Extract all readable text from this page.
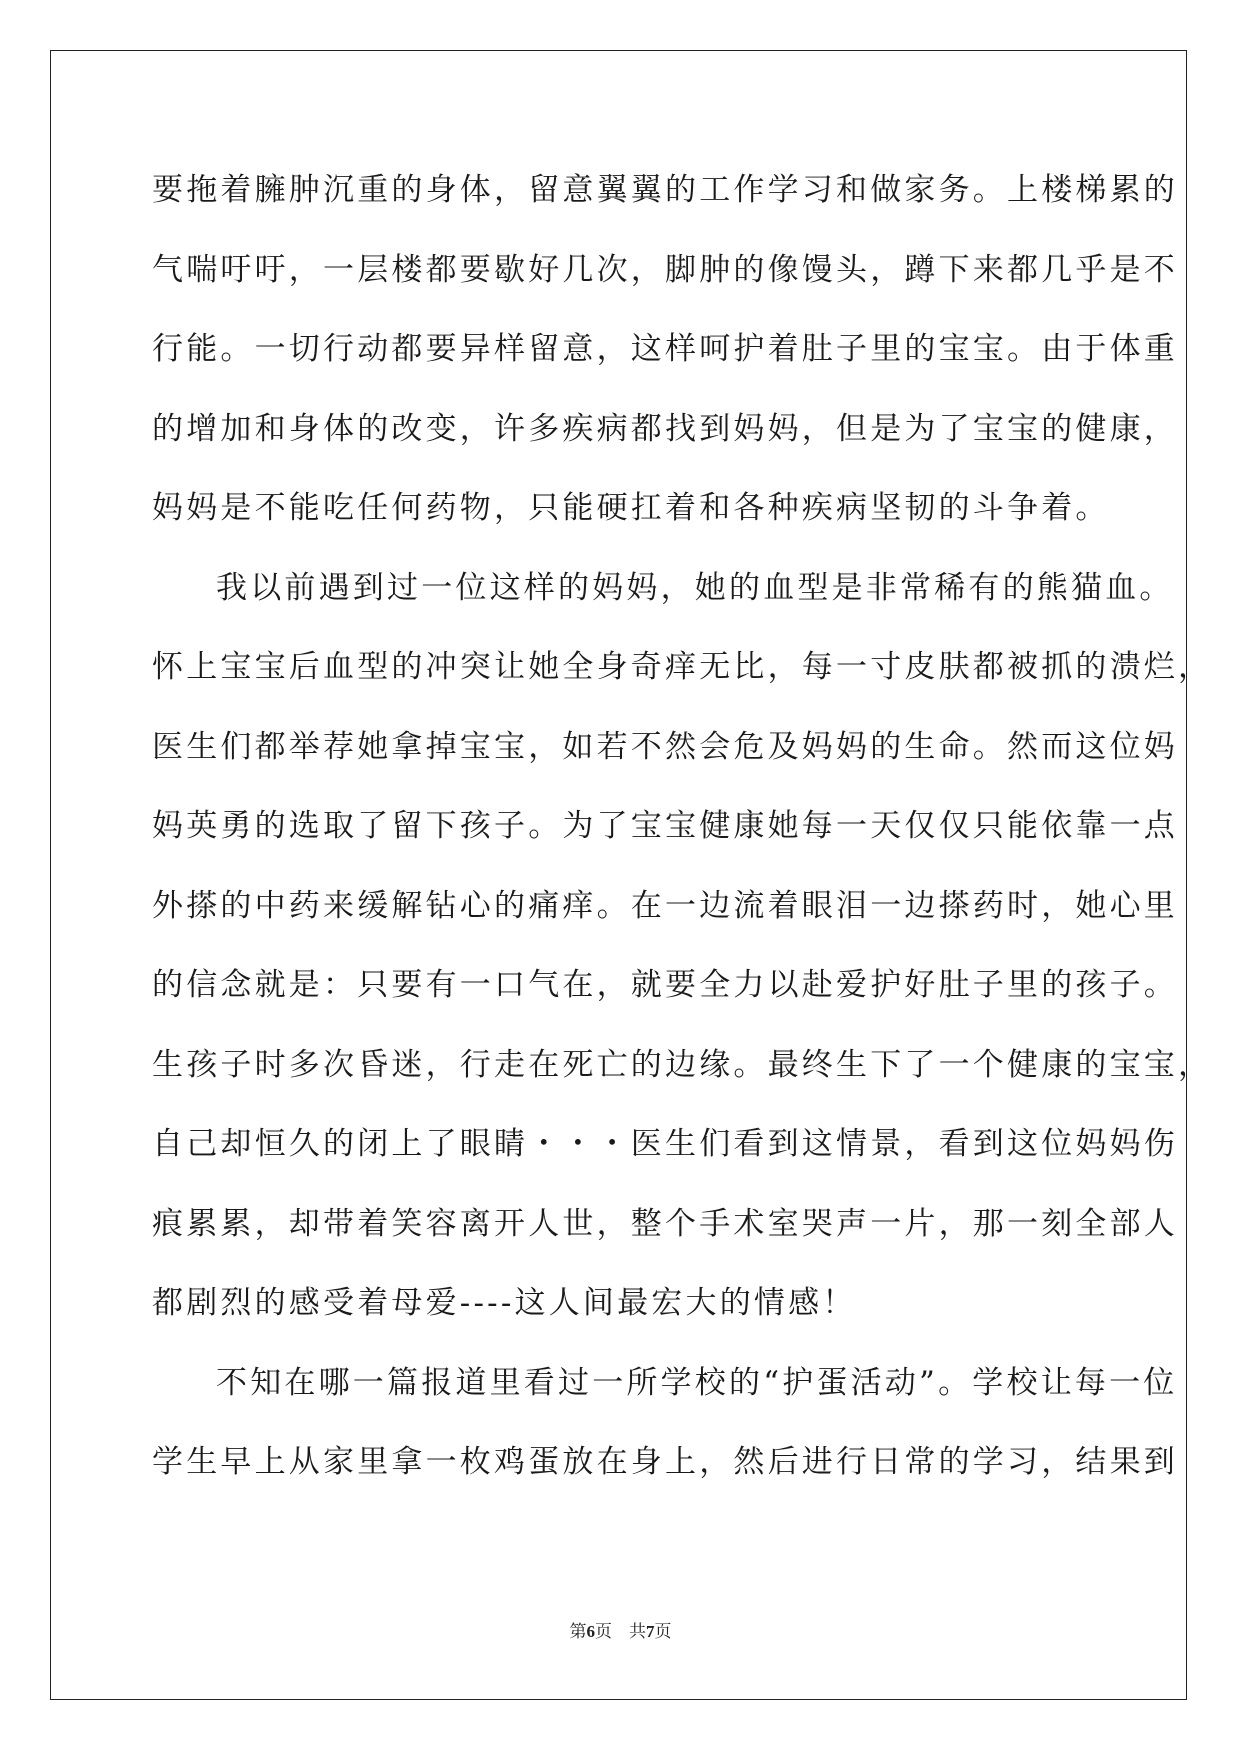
要拖着臃肿沉重的身体，留意翼翼的工作学习和做家务。上楼梯累的
气喘吁吁，一层楼都要歇好几次，脚肿的像馒头，蹲下来都几乎是不
行能。一切行动都要异样留意，这样呵护着肚子里的宝宝。由于体重
的增加和身体的改变，许多疾病都找到妈妈，但是为了宝宝的健康，
妈妈是不能吃任何药物，只能硬扛着和各种疾病坚韧的斗争着。
我以前遇到过一位这样的妈妈，她的血型是非常稀有的熊猫血。
怀上宝宝后血型的冲突让她全身奇痒无比，每一寸皮肤都被抓的溃烂，
医生们都举荐她拿掉宝宝，如若不然会危及妈妈的生命。然而这位妈
妈英勇的选取了留下孩子。为了宝宝健康她每一天仅仅只能依靠一点
外搽的中药来缓解钻心的痛痒。在一边流着眼泪一边搽药时，她心里
的信念就是：只要有一口气在，就要全力以赴爱护好肚子里的孩子。
生孩子时多次昏迷，行走在死亡的边缘。最终生下了一个健康的宝宝，
自己却恒久的闭上了眼睛・・・医生们看到这情景，看到这位妈妈伤
痕累累，却带着笑容离开人世，整个手术室哭声一片，那一刻全部人
都剧烈的感受着母爱----这人间最宏大的情感！
不知在哪一篇报道里看过一所学校的“护蛋活动”。学校让每一位
学生早上从家里拿一枚鸡蛋放在身上，然后进行日常的学习，结果到
第6页　共7页
